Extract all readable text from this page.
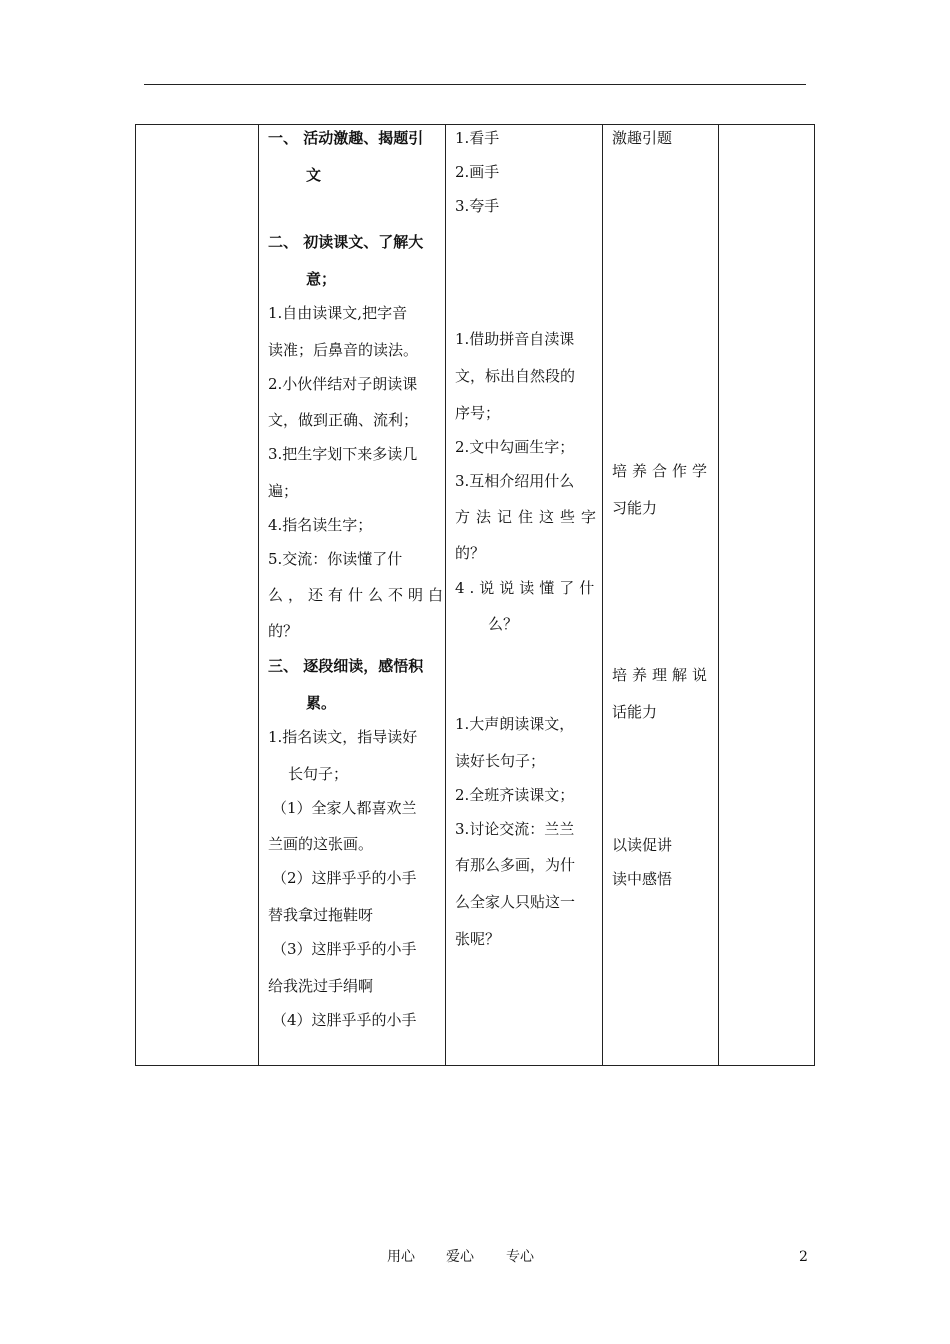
一、 活动激趣、揭题引
文
二、 初读课文、了解大
意；
1.自由读课文,把字音
读准；后鼻音的读法。
2.小伙伴结对子朗读课
文，做到正确、流利；
3.把生字划下来多读几
遍；
4.指名读生字；
5.交流：你读懂了什
么，还有什么不明白
的？
三、 逐段细读，感悟积
累。
1.指名读文，指导读好
长句子；
（1）全家人都喜欢兰
兰画的这张画。
（2）这胖乎乎的小手
替我拿过拖鞋呀
（3）这胖乎乎的小手
给我洗过手绢啊
（4）这胖乎乎的小手
1.看手
2.画手
3.夸手
1.借助拼音自渎课
文，标出自然段的
序号；
2.文中勾画生字；
3.互相介绍用什么
方法记住这些字
的？
4.说说读懂了什
么？
1.大声朗读课文，
读好长句子；
2.全班齐读课文；
3.讨论交流：兰兰
有那么多画，为什
么全家人只贴这一
张呢？
激趣引题
培养合作学
习能力
培养理解说
话能力
以读促讲
读中感悟
用心 爱心 专心	2
